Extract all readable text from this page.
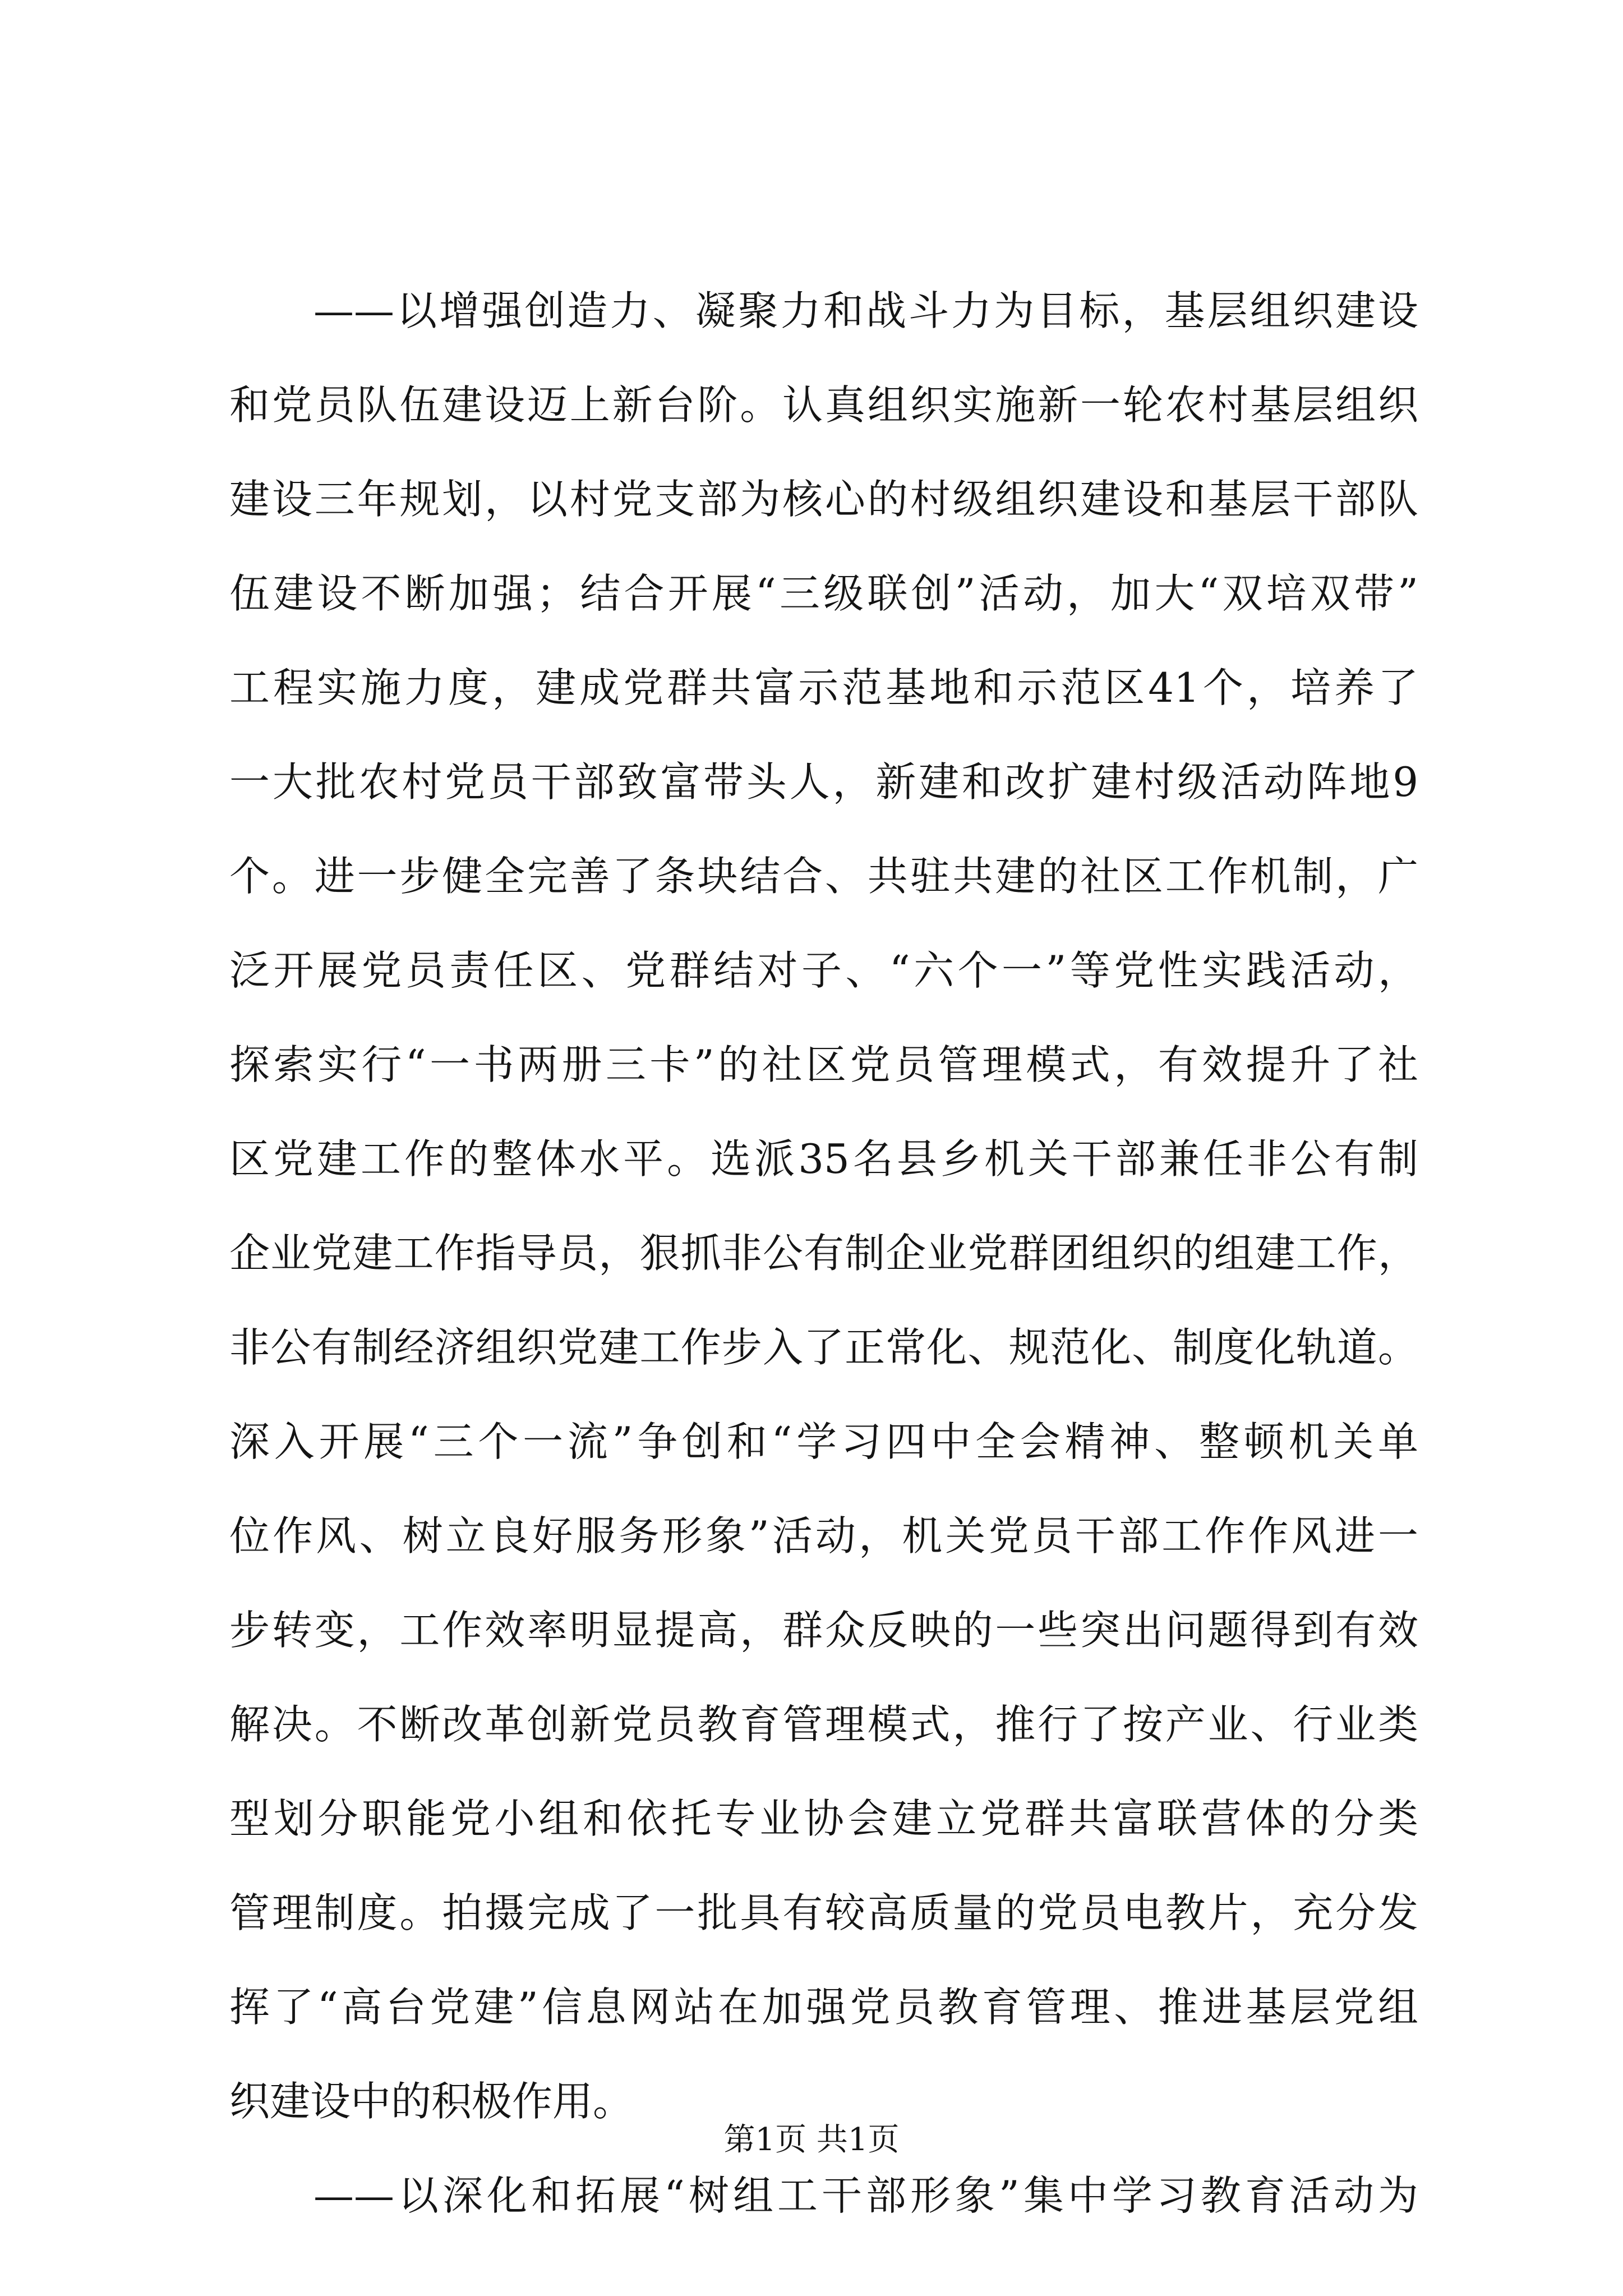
——以增强创造力、凝聚力和战斗力为目标，基层组织建设
和党员队伍建设迈上新台阶。认真组织实施新一轮农村基层组织
建设三年规划，以村党支部为核心的村级组织建设和基层干部队
伍建设不断加强；结合开展“三级联创”活动，加大“双培双带”
工程实施力度，建成党群共富示范基地和示范区41个，培养了
一大批农村党员干部致富带头人，新建和改扩建村级活动阵地9
个。进一步健全完善了条块结合、共驻共建的社区工作机制，广
泛开展党员责任区、党群结对子、“六个一”等党性实践活动，
探索实行“一书两册三卡”的社区党员管理模式，有效提升了社
区党建工作的整体水平。选派35名县乡机关干部兼任非公有制
企业党建工作指导员，狠抓非公有制企业党群团组织的组建工作，
非公有制经济组织党建工作步入了正常化、规范化、制度化轨道。
深入开展“三个一流”争创和“学习四中全会精神、整顿机关单
位作风、树立良好服务形象”活动，机关党员干部工作作风进一
步转变，工作效率明显提高，群众反映的一些突出问题得到有效
解决。不断改革创新党员教育管理模式，推行了按产业、行业类
型划分职能党小组和依托专业协会建立党群共富联营体的分类
管理制度。拍摄完成了一批具有较高质量的党员电教片，充分发
挥了“高台党建”信息网站在加强党员教育管理、推进基层党组
织建设中的积极作用。
——以深化和拓展“树组工干部形象”集中学习教育活动为
第1页 共1页
